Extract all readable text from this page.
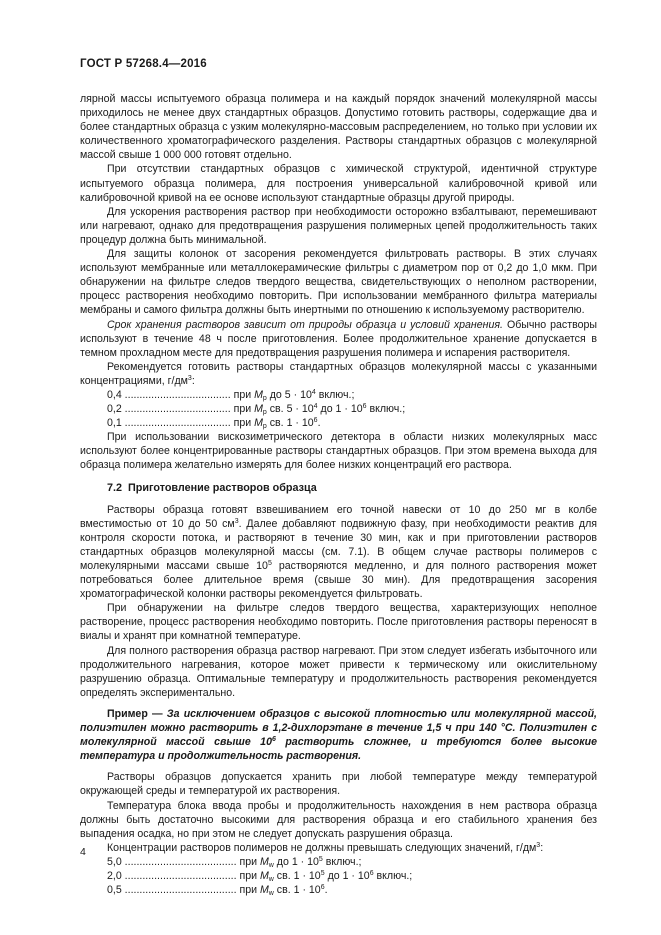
ГОСТ Р 57268.4—2016

лярной массы испытуемого образца полимера и на каждый порядок значений молекулярной массы приходилось не менее двух стандартных образцов. Допустимо готовить растворы, содержащие два и более стандартных образца с узким молекулярно-массовым распределением, но только при условии их количественного хроматографического разделения. Растворы стандартных образцов с молекулярной массой свыше 1 000 000 готовят отдельно.

При отсутствии стандартных образцов с химической структурой, идентичной структуре испытуемого образца полимера, для построения универсальной калибровочной кривой или калибровочной кривой на ее основе используют стандартные образцы другой природы.

Для ускорения растворения раствор при необходимости осторожно взбалтывают, перемешивают или нагревают, однако для предотвращения разрушения полимерных цепей продолжительность таких процедур должна быть минимальной.

Для защиты колонок от засорения рекомендуется фильтровать растворы. В этих случаях используют мембранные или металлокерамические фильтры с диаметром пор от 0,2 до 1,0 мкм. При обнаружении на фильтре следов твердого вещества, свидетельствующих о неполном растворении, процесс растворения необходимо повторить. При использовании мембранного фильтра материалы мембраны и самого фильтра должны быть инертными по отношению к используемому растворителю.

Срок хранения растворов зависит от природы образца и условий хранения. Обычно растворы используют в течение 48 ч после приготовления. Более продолжительное хранение допускается в темном прохладном месте для предотвращения разрушения полимера и испарения растворителя.

Рекомендуется готовить растворы стандартных образцов молекулярной массы с указанными концентрациями, $г/дм^3$:

0,4 .................................... при $M_p$ до $5 \cdot 10^4$ включ.;

0,2 .................................... при $M_p$ св. $5 \cdot 10^4$ до $1 \cdot 10^6$ включ.;

0,1 .................................... при $M_p$ св. $1 \cdot 10^6$.

При использовании вискозиметрического детектора в области низких молекулярных масс используют более концентрированные растворы стандартных образцов. При этом времена выхода для образца полимера желательно измерять для более низких концентраций его раствора.

7.2 Приготовление растворов образца

Растворы образца готовят взвешиванием его точной навески от 10 до 250 мг в колбе вместимостью от 10 до 50 $см^3$. Далее добавляют подвижную фазу, при необходимости реактив для контроля скорости потока, и растворяют в течение 30 мин, как и при приготовлении растворов стандартных образцов молекулярной массы (см. 7.1). В общем случае растворы полимеров с молекулярными массами свыше $10^5$ растворяются медленно, и для полного растворения может потребоваться более длительное время (свыше 30 мин). Для предотвращения засорения хроматографической колонки растворы рекомендуется фильтровать.

При обнаружении на фильтре следов твердого вещества, характеризующих неполное растворение, процесс растворения необходимо повторить. После приготовления растворы переносят в виалы и хранят при комнатной температуре.

Для полного растворения образца раствор нагревают. При этом следует избегать избыточного или продолжительного нагревания, которое может привести к термическому или окислительному разрушению образца. Оптимальные температуру и продолжительность растворения рекомендуется определять экспериментально.

Пример — За исключением образцов с высокой плотностью или молекулярной массой, полиэтилен можно растворить в 1,2-дихлорэтане в течение 1,5 ч при 140 °С. Полиэтилен с молекулярной массой свыше $10^6$ растворить сложнее, и требуются более высокие температура и продолжительность растворения.

Растворы образцов допускается хранить при любой температуре между температурой окружающей среды и температурой их растворения.

Температура блока ввода пробы и продолжительность нахождения в нем раствора образца должны быть достаточно высокими для растворения образца и его стабильного хранения без выпадения осадка, но при этом не следует допускать разрушения образца.

Концентрации растворов полимеров не должны превышать следующих значений, $г/дм^3$:

5,0 ...................................... при $M_w$ до $1 \cdot 10^5$ включ.;

2,0 ...................................... при $M_w$ св. $1 \cdot 10^5$ до $1 \cdot 10^6$ включ.;

0,5 ...................................... при $M_w$ св. $1 \cdot 10^6$.

4
